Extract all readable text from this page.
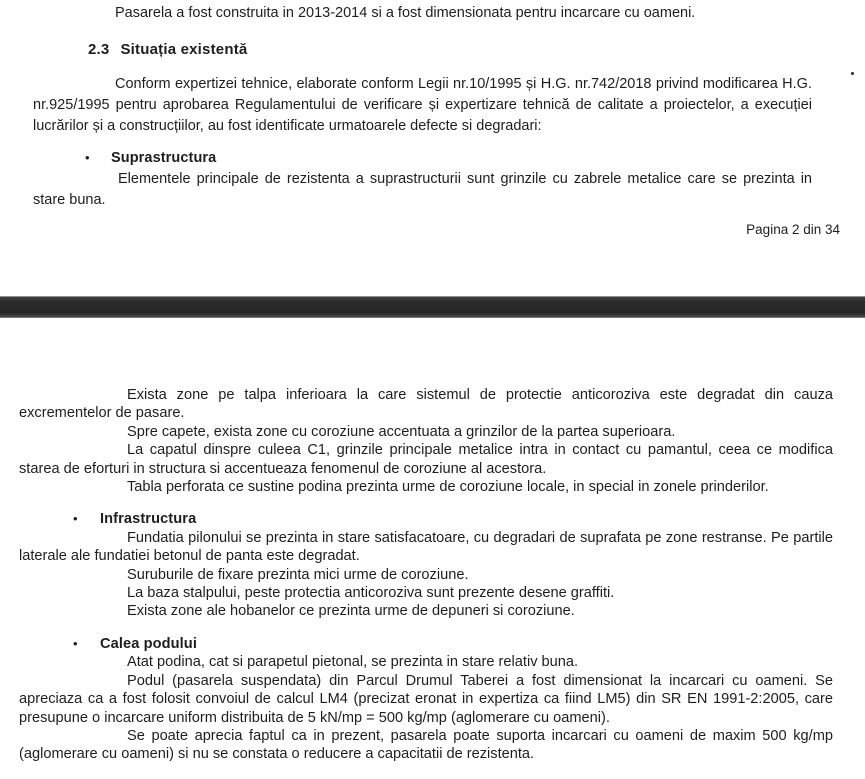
Pasarela a fost construita in 2013-2014 si a fost dimensionata pentru incarcare cu oameni.

2.3 Situația existentă

Conform expertizei tehnice, elaborate conform Legii nr.10/1995 și H.G. nr.742/2018 privind modificarea H.G. nr.925/1995 pentru aprobarea Regulamentului de verificare și expertizare tehnică de calitate a proiectelor, a execuției lucrărilor și a construcțiilor, au fost identificate urmatoarele defecte si degradari:

•	Suprastructura

Elementele principale de rezistenta a suprastructurii sunt grinzile cu zabrele metalice care se prezinta in stare buna.

Pagina 2 din 34

Exista zone pe talpa inferioara la care sistemul de protectie anticoroziva este degradat din cauza excrementelor de pasare.

Spre capete, exista zone cu coroziune accentuata a grinzilor de la partea superioara.

La capatul dinspre culeea C1, grinzile principale metalice intra in contact cu pamantul, ceea ce modifica starea de eforturi in structura si accentueaza fenomenul de coroziune al acestora.

Tabla perforata ce sustine podina prezinta urme de coroziune locale, in special in zonele prinderilor.

•	Infrastructura

Fundatia pilonului se prezinta in stare satisfacatoare, cu degradari de suprafata pe zone restranse. Pe partile laterale ale fundatiei betonul de panta este degradat.

Suruburile de fixare prezinta mici urme de coroziune.

La baza stalpului, peste protectia anticoroziva sunt prezente desene graffiti.

Exista zone ale hobanelor ce prezinta urme de depuneri si coroziune.

•	Calea podului

Atat podina, cat si parapetul pietonal, se prezinta in stare relativ buna.

Podul (pasarela suspendata) din Parcul Drumul Taberei a fost dimensionat la incarcari cu oameni. Se apreciaza ca a fost folosit convoiul de calcul LM4 (precizat eronat in expertiza ca fiind LM5) din SR EN 1991-2:2005, care presupune o incarcare uniform distribuita de 5 kN/mp = 500 kg/mp (aglomerare cu oameni).

Se poate aprecia faptul ca in prezent, pasarela poate suporta incarcari cu oameni de maxim 500 kg/mp (aglomerare cu oameni) si nu se constata o reducere a capacitatii de rezistenta.
